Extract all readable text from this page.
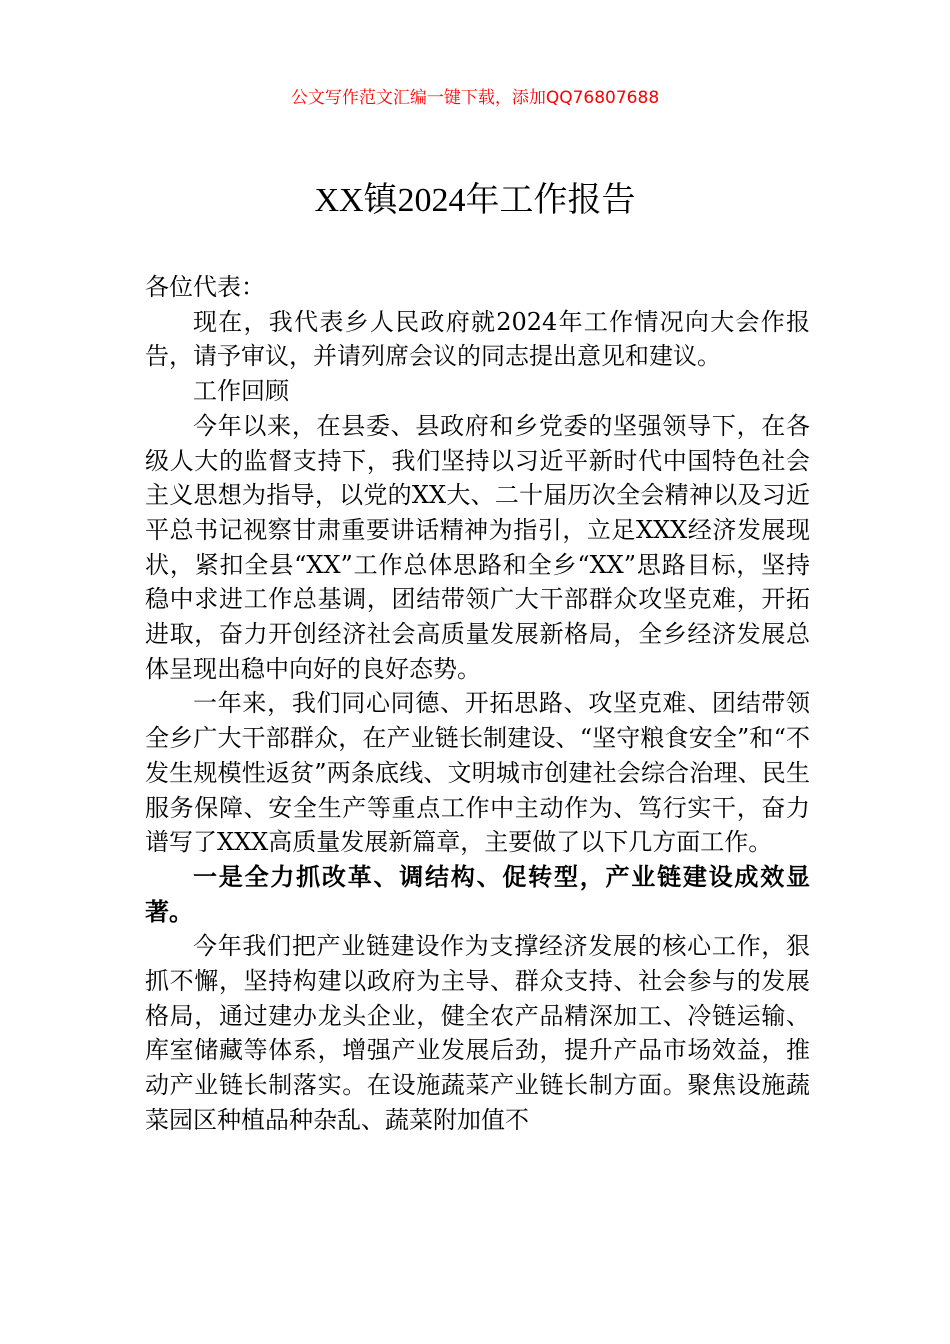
公文写作范文汇编一键下载，添加QQ76807688
XX镇2024年工作报告

各位代表：

现在，我代表乡人民政府就2024年工作情况向大会作报告，请予审议，并请列席会议的同志提出意见和建议。

工作回顾

今年以来，在县委、县政府和乡党委的坚强领导下，在各级人大的监督支持下，我们坚持以习近平新时代中国特色社会主义思想为指导，以党的XX大、二十届历次全会精神以及习近平总书记视察甘肃重要讲话精神为指引，立足XXX经济发展现状，紧扣全县“XX”工作总体思路和全乡“XX”思路目标，坚持稳中求进工作总基调，团结带领广大干部群众攻坚克难，开拓进取，奋力开创经济社会高质量发展新格局，全乡经济发展总体呈现出稳中向好的良好态势。

一年来，我们同心同德、开拓思路、攻坚克难、团结带领全乡广大干部群众，在产业链长制建设、“坚守粮食安全”和“不发生规模性返贫”两条底线、文明城市创建社会综合治理、民生服务保障、安全生产等重点工作中主动作为、笃行实干，奋力谱写了XXX高质量发展新篇章，主要做了以下几方面工作。

一是全力抓改革、调结构、促转型，产业链建设成效显著。

今年我们把产业链建设作为支撑经济发展的核心工作，狠抓不懈，坚持构建以政府为主导、群众支持、社会参与的发展格局，通过建办龙头企业，健全农产品精深加工、冷链运输、库室储藏等体系，增强产业发展后劲，提升产品市场效益，推动产业链长制落实。在设施蔬菜产业链长制方面。聚焦设施蔬菜园区种植品种杂乱、蔬菜附加值不
